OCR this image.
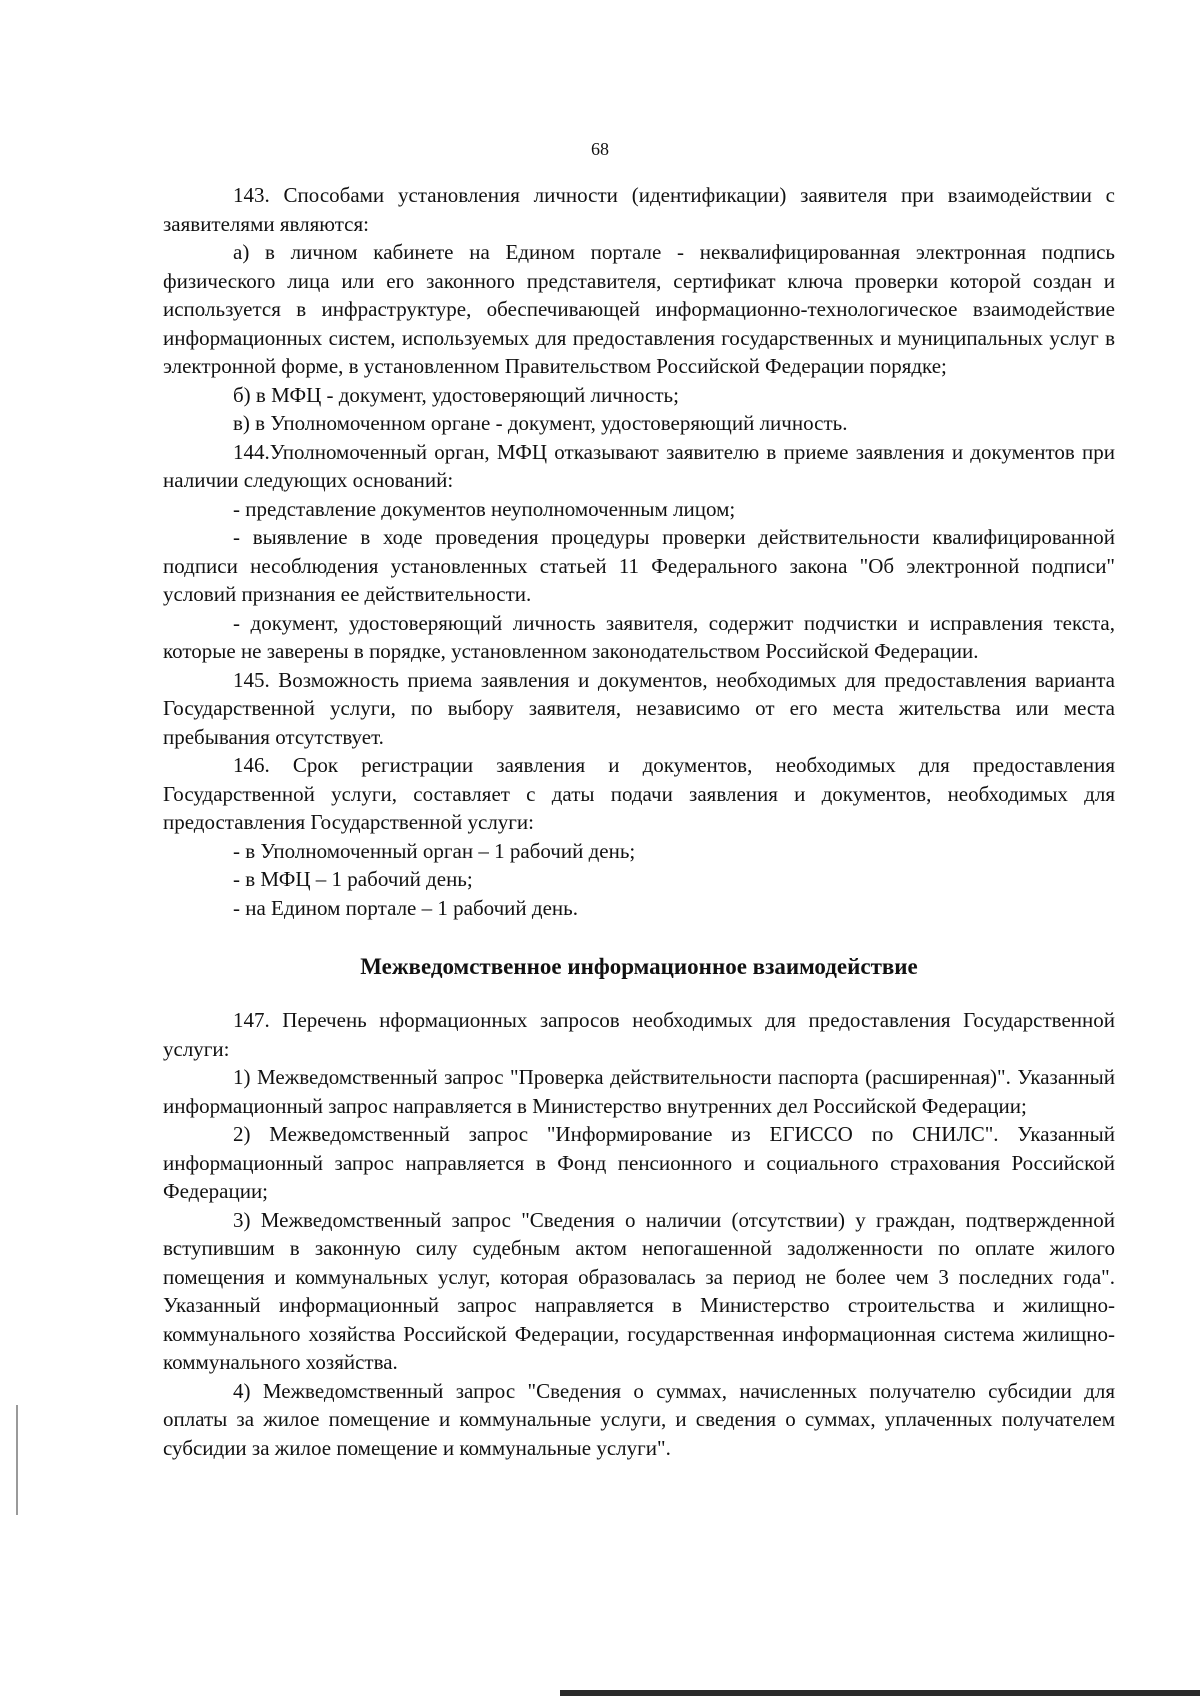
68

143. Способами установления личности (идентификации) заявителя при взаимодействии с заявителями являются:

а) в личном кабинете на Едином портале - неквалифицированная электронная подпись физического лица или его законного представителя, сертификат ключа проверки которой создан и используется в инфраструктуре, обеспечивающей информационно-технологическое взаимодействие информационных систем, используемых для предоставления государственных и муниципальных услуг в электронной форме, в установленном Правительством Российской Федерации порядке;

б) в МФЦ - документ, удостоверяющий личность;

в) в Уполномоченном органе - документ, удостоверяющий личность.

144.Уполномоченный орган, МФЦ отказывают заявителю в приеме заявления и документов при наличии следующих оснований:

- представление документов неуполномоченным лицом;

- выявление в ходе проведения процедуры проверки действительности квалифицированной подписи несоблюдения установленных статьей 11 Федерального закона "Об электронной подписи" условий признания ее действительности.

- документ, удостоверяющий личность заявителя, содержит подчистки и исправления текста, которые не заверены в порядке, установленном законодательством Российской Федерации.

145. Возможность приема заявления и документов, необходимых для предоставления варианта Государственной услуги, по выбору заявителя, независимо от его места жительства или места пребывания отсутствует.

146. Срок регистрации заявления и документов, необходимых для предоставления Государственной услуги, составляет с даты подачи заявления и документов, необходимых для предоставления Государственной услуги:

- в Уполномоченный орган – 1 рабочий день;

- в МФЦ – 1 рабочий день;

- на Едином портале – 1 рабочий день.

Межведомственное информационное взаимодействие

147. Перечень нформационных запросов необходимых для предоставления Государственной услуги:

1) Межведомственный запрос "Проверка действительности паспорта (расширенная)". Указанный информационный запрос направляется в Министерство внутренних дел Российской Федерации;

2) Межведомственный запрос "Информирование из ЕГИССО по СНИЛС". Указанный информационный запрос направляется в Фонд пенсионного и социального страхования Российской Федерации;

3) Межведомственный запрос "Сведения о наличии (отсутствии) у граждан, подтвержденной вступившим в законную силу судебным актом непогашенной задолженности по оплате жилого помещения и коммунальных услуг, которая образовалась за период не более чем 3 последних года". Указанный информационный запрос направляется в Министерство строительства и жилищно-коммунального хозяйства Российской Федерации, государственная информационная система жилищно-коммунального хозяйства.

4) Межведомственный запрос "Сведения о суммах, начисленных получателю субсидии для оплаты за жилое помещение и коммунальные услуги, и сведения о суммах, уплаченных получателем субсидии за жилое помещение и коммунальные услуги".
